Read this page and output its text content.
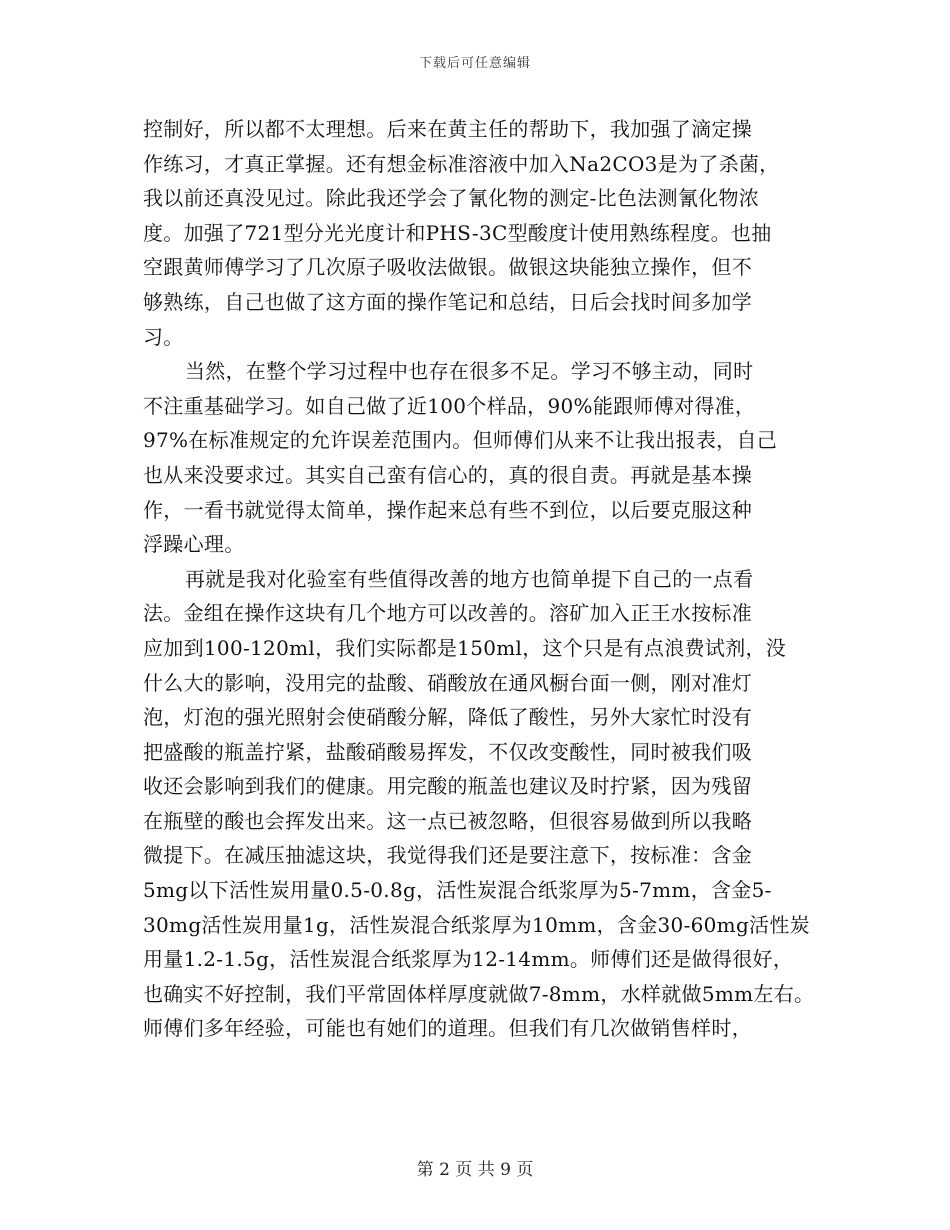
下载后可任意编辑
控制好，所以都不太理想。后来在黄主任的帮助下，我加强了滴定操
作练习，才真正掌握。还有想金标准溶液中加入Na2CO3是为了杀菌，
我以前还真没见过。除此我还学会了氰化物的测定-比色法测氰化物浓
度。加强了721型分光光度计和PHS-3C型酸度计使用熟练程度。也抽
空跟黄师傅学习了几次原子吸收法做银。做银这块能独立操作，但不
够熟练，自己也做了这方面的操作笔记和总结，日后会找时间多加学
习。
当然，在整个学习过程中也存在很多不足。学习不够主动，同时
不注重基础学习。如自己做了近100个样品，90%能跟师傅对得准，
97%在标准规定的允许误差范围内。但师傅们从来不让我出报表，自己
也从来没要求过。其实自己蛮有信心的，真的很自责。再就是基本操
作，一看书就觉得太简单，操作起来总有些不到位，以后要克服这种
浮躁心理。
再就是我对化验室有些值得改善的地方也简单提下自己的一点看
法。金组在操作这块有几个地方可以改善的。溶矿加入正王水按标准
应加到100-120ml，我们实际都是150ml，这个只是有点浪费试剂，没
什么大的影响，没用完的盐酸、硝酸放在通风橱台面一侧，刚对准灯
泡，灯泡的强光照射会使硝酸分解，降低了酸性，另外大家忙时没有
把盛酸的瓶盖拧紧，盐酸硝酸易挥发，不仅改变酸性，同时被我们吸
收还会影响到我们的健康。用完酸的瓶盖也建议及时拧紧，因为残留
在瓶壁的酸也会挥发出来。这一点已被忽略，但很容易做到所以我略
微提下。在减压抽滤这块，我觉得我们还是要注意下，按标准：含金
5mg以下活性炭用量0.5-0.8g，活性炭混合纸浆厚为5-7mm，含金5-
30mg活性炭用量1g，活性炭混合纸浆厚为10mm，含金30-60mg活性炭
用量1.2-1.5g，活性炭混合纸浆厚为12-14mm。师傅们还是做得很好，
也确实不好控制，我们平常固体样厚度就做7-8mm，水样就做5mm左右。
师傅们多年经验，可能也有她们的道理。但我们有几次做销售样时，
第 2 页 共 9 页
